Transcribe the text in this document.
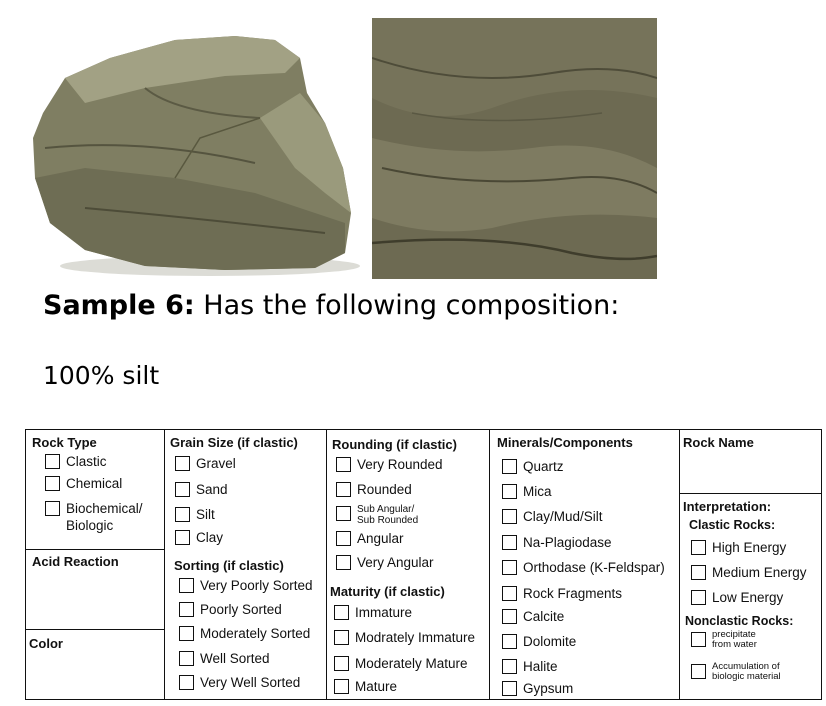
Sample 6: Has the following composition:
100% silt
Rock Type
Clastic
Chemical
Biochemical/
Biologic
Acid Reaction
Color
Grain Size (if clastic)
Gravel
Sand
Silt
Clay
Sorting (if clastic)
Very Poorly Sorted
Poorly Sorted
Moderately Sorted
Well Sorted
Very Well Sorted
Rounding (if clastic)
Very Rounded
Rounded
Sub Angular/
Sub Rounded
Angular
Very Angular
Maturity (if clastic)
Immature
Modrately Immature
Moderately Mature
Mature
Minerals/Components
Quartz
Mica
Clay/Mud/Silt
Na-Plagiodase
Orthodase (K-Feldspar)
Rock Fragments
Calcite
Dolomite
Halite
Gypsum
Rock Name
Interpretation:
Clastic Rocks:
High Energy
Medium Energy
Low Energy
Nonclastic Rocks:
precipitate
from water
Accumulation of
biologic material
